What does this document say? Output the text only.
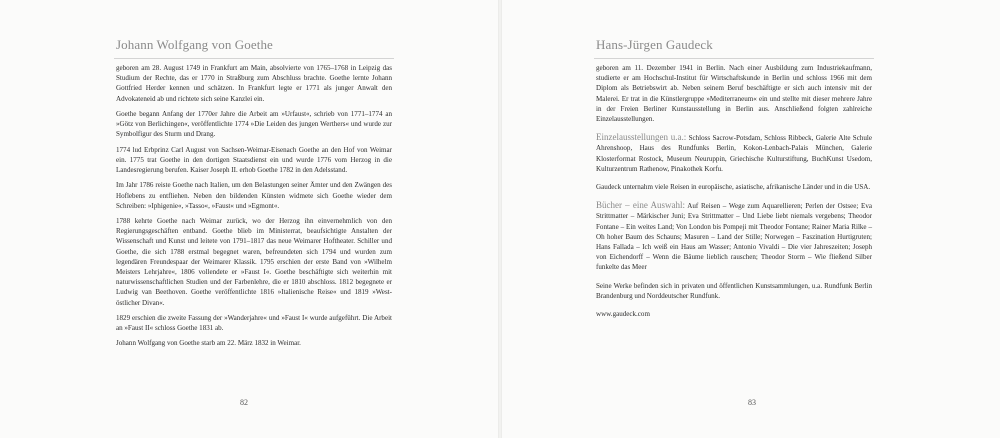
Johann Wolfgang von Goethe

geboren am 28. August 1749 in Frankfurt am Main, absolvierte von 1765–1768 in Leipzig das Studium der Rechte, das er 1770 in Straßburg zum Abschluss brachte. Goethe lernte Johann Gottfried Herder kennen und schätzen. In Frankfurt legte er 1771 als junger Anwalt den Advokateneid ab und richtete sich seine Kanzlei ein.

Goethe begann Anfang der 1770er Jahre die Arbeit am »Urfaust«, schrieb von 1771–1774 an »Götz von Berlichingen«, veröffentlichte 1774 »Die Leiden des jungen Werthers« und wurde zur Symbolfigur des Sturm und Drang.

1774 lud Erbprinz Carl August von Sachsen-Weimar-Eisenach Goethe an den Hof von Weimar ein. 1775 trat Goethe in den dortigen Staatsdienst ein und wurde 1776 vom Herzog in die Landesregierung berufen. Kaiser Joseph II. erhob Goethe 1782 in den Adelsstand.

Im Jahr 1786 reiste Goethe nach Italien, um den Belastungen seiner Ämter und den Zwängen des Hoflebens zu entfliehen. Neben den bildenden Künsten widmete sich Goethe wieder dem Schreiben: »Iphigenie«, »Tasso«, »Faust« und »Egmont«.

1788 kehrte Goethe nach Weimar zurück, wo der Herzog ihn einvernehmlich von den Regierungsgeschäften entband. Goethe blieb im Ministerrat, beaufsichtigte Anstalten der Wissenschaft und Kunst und leitete von 1791–1817 das neue Weimarer Hoftheater. Schiller und Goethe, die sich 1788 erstmal begegnet waren, befreundeten sich 1794 und wurden zum legendären Freundespaar der Weimarer Klassik. 1795 erschien der erste Band von »Wilhelm Meisters Lehrjahre«, 1806 vollendete er »Faust I«. Goethe beschäftigte sich weiterhin mit naturwissenschaftlichen Studien und der Farbenlehre, die er 1810 abschloss. 1812 begegnete er Ludwig van Beethoven. Goethe veröffentlichte 1816 »Italienische Reise« und 1819 »West-östlicher Divan«.

1829 erschien die zweite Fassung der »Wanderjahre« und »Faust I« wurde aufgeführt. Die Arbeit an »Faust II« schloss Goethe 1831 ab.

Johann Wolfgang von Goethe starb am 22. März 1832 in Weimar.

82
Hans-Jürgen Gaudeck

geboren am 11. Dezember 1941 in Berlin. Nach einer Ausbildung zum Industriekaufmann, studierte er am Hochschul-Institut für Wirtschaftskunde in Berlin und schloss 1966 mit dem Diplom als Betriebswirt ab. Neben seinem Beruf beschäftigte er sich auch intensiv mit der Malerei. Er trat in die Künstlergruppe »Mediterraneum« ein und stellte mit dieser mehrere Jahre in der Freien Berliner Kunstausstellung in Berlin aus. Anschließend folgten zahlreiche Einzelausstellungen.

Einzelausstellungen u.a.: Schloss Sacrow-Potsdam, Schloss Ribbeck, Galerie Alte Schule Ahrenshoop, Haus des Rundfunks Berlin, Kokon-Lenbach-Palais München, Galerie Klosterformat Rostock, Museum Neuruppin, Griechische Kulturstiftung, BuchKunst Usedom, Kulturzentrum Rathenow, Pinakothek Korfu.

Gaudeck unternahm viele Reisen in europäische, asiatische, afrikanische Länder und in die USA.

Bücher – eine Auswahl: Auf Reisen – Wege zum Aquarellieren; Perlen der Ostsee; Eva Strittmatter – Märkischer Juni; Eva Strittmatter – Und Liebe liebt niemals vergebens; Theodor Fontane – Ein weites Land; Von London bis Pompeji mit Theodor Fontane; Rainer Maria Rilke – Oh hoher Baum des Schauns; Masuren – Land der Stille; Norwegen – Faszination Hurtigruten; Hans Fallada – Ich weiß ein Haus am Wasser; Antonio Vivaldi – Die vier Jahreszeiten; Joseph von Eichendorff – Wenn die Bäume lieblich rauschen; Theodor Storm – Wie fließend Silber funkelte das Meer

Seine Werke befinden sich in privaten und öffentlichen Kunstsammlungen, u.a. Rundfunk Berlin Brandenburg und Norddeutscher Rundfunk.

www.gaudeck.com

83
